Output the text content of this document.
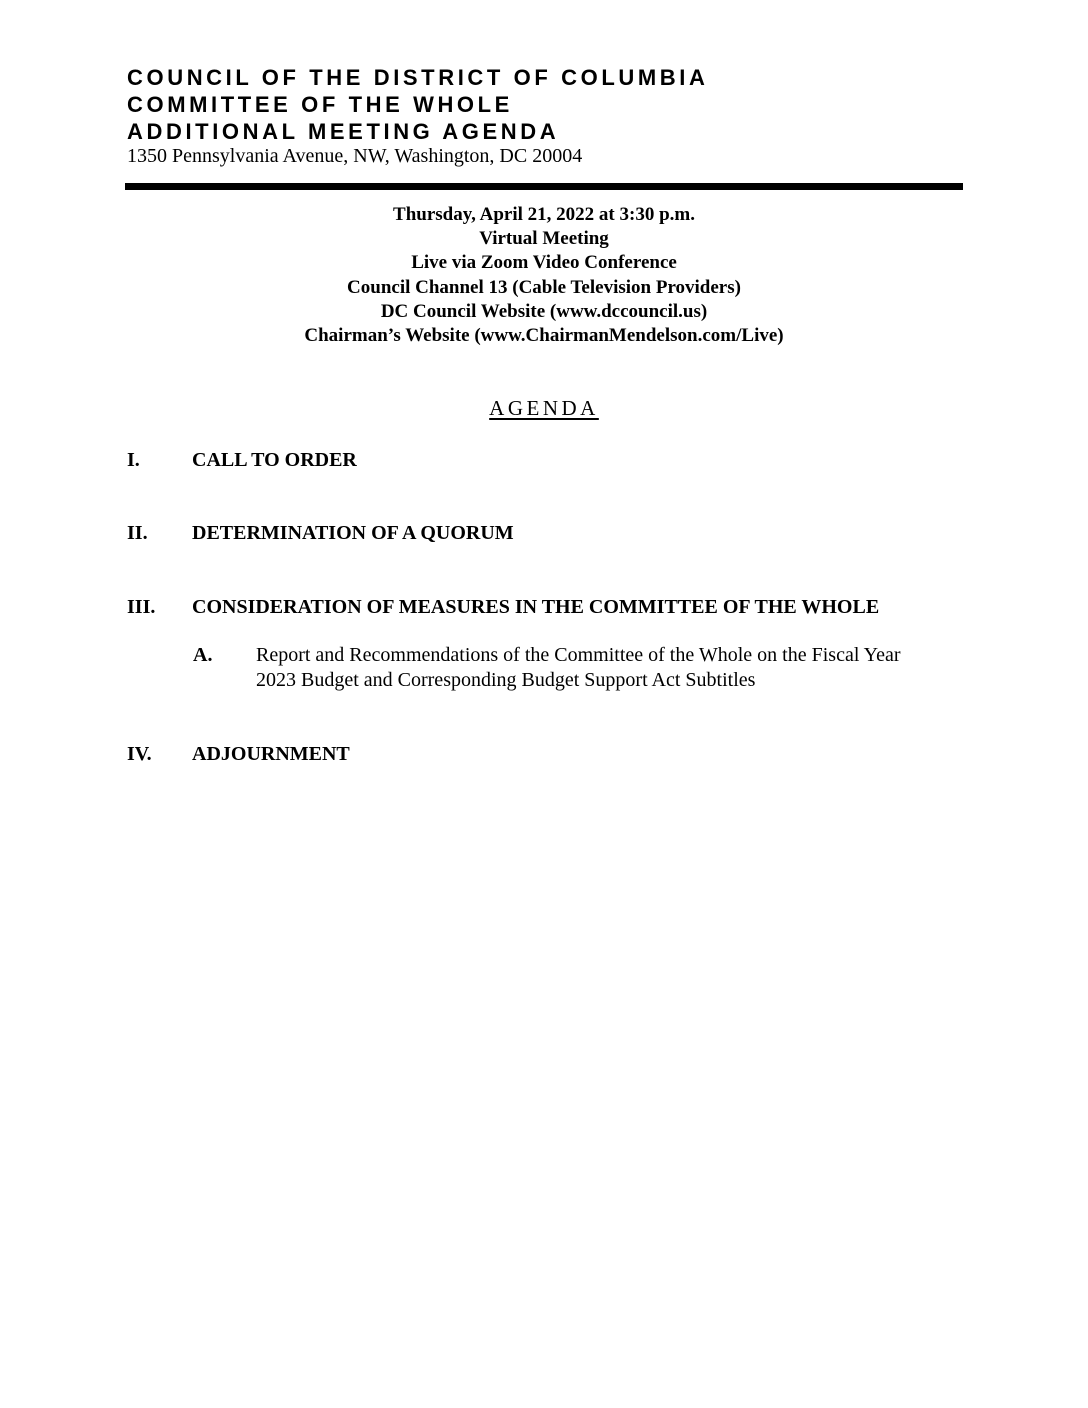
COUNCIL OF THE DISTRICT OF COLUMBIA
COMMITTEE OF THE WHOLE
ADDITIONAL MEETING AGENDA
1350 Pennsylvania Avenue, NW, Washington, DC 20004
Thursday, April 21, 2022 at 3:30 p.m.
Virtual Meeting
Live via Zoom Video Conference
Council Channel 13 (Cable Television Providers)
DC Council Website (www.dccouncil.us)
Chairman’s Website (www.ChairmanMendelson.com/Live)
AGENDA
I.	CALL TO ORDER
II. DETERMINATION OF A QUORUM
III. CONSIDERATION OF MEASURES IN THE COMMITTEE OF THE WHOLE
A. Report and Recommendations of the Committee of the Whole on the Fiscal Year
2023 Budget and Corresponding Budget Support Act Subtitles
IV. ADJOURNMENT
